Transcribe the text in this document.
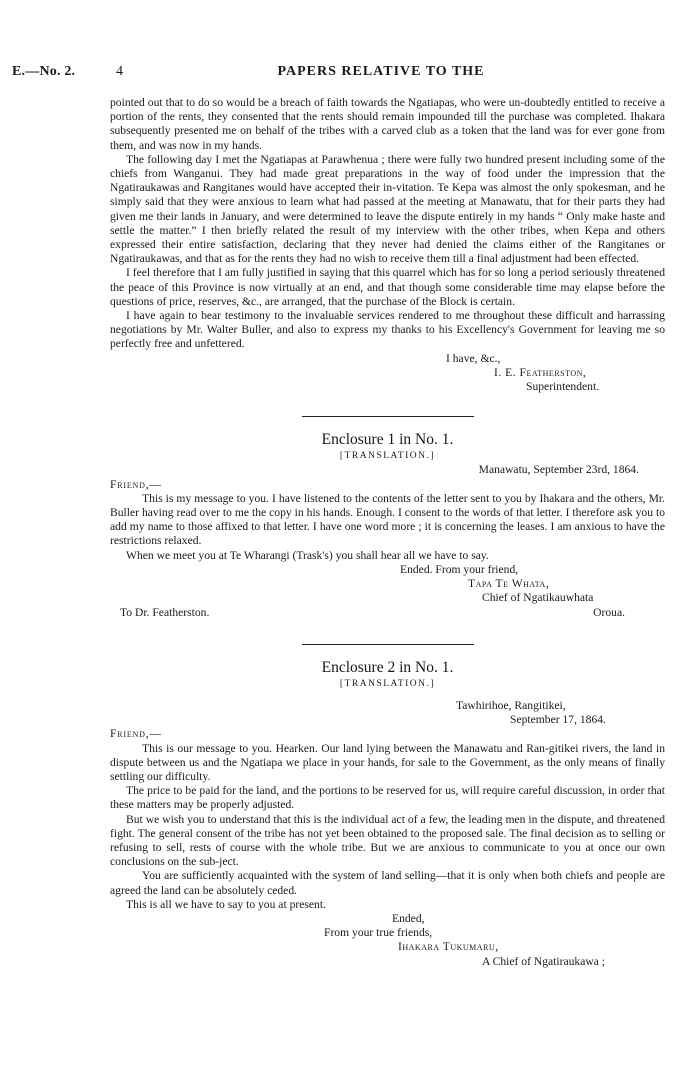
E.—No. 2.	4	PAPERS RELATIVE TO THE

pointed out that to do so would be a breach of faith towards the Ngatiapas, who were un-doubtedly entitled to receive a portion of the rents, they consented that the rents should remain impounded till the purchase was completed. Ihakara subsequently presented me on behalf of the tribes with a carved club as a token that the land was for ever gone from them, and was now in my hands.

The following day I met the Ngatiapas at Parawhenua ; there were fully two hundred present including some of the chiefs from Wanganui. They had made great preparations in the way of food under the impression that the Ngatiraukawas and Rangitanes would have accepted their in-vitation. Te Kepa was almost the only spokesman, and he simply said that they were anxious to learn what had passed at the meeting at Manawatu, that for their parts they had given me their lands in January, and were determined to leave the dispute entirely in my hands “ Only make haste and settle the matter.” I then briefly related the result of my interview with the other tribes, when Kepa and others expressed their entire satisfaction, declaring that they never had denied the claims either of the Rangitanes or Ngatiraukawas, and that as for the rents they had no wish to receive them till a final adjustment had been effected.

I feel therefore that I am fully justified in saying that this quarrel which has for so long a period seriously threatened the peace of this Province is now virtually at an end, and that though some considerable time may elapse before the questions of price, reserves, &c., are arranged, that the purchase of the Block is certain.

I have again to bear testimony to the invaluable services rendered to me throughout these difficult and harrassing negotiations by Mr. Walter Buller, and also to express my thanks to his Excellency's Government for leaving me so perfectly free and unfettered.

I have, &c.,

I. E. Featherston,

Superintendent.

Enclosure 1 in No. 1.

[TRANSLATION.]

Manawatu, September 23rd, 1864.

Friend,—

This is my message to you. I have listened to the contents of the letter sent to you by Ihakara and the others, Mr. Buller having read over to me the copy in his hands. Enough. I consent to the words of that letter. I therefore ask you to add my name to those affixed to that letter. I have one word more ; it is concerning the leases. I am anxious to have the restrictions relaxed.

When we meet you at Te Wharangi (Trask's) you shall hear all we have to say.

Ended. From your friend,

Tapa Te Whata,

Chief of Ngatikauwhata

To Dr. Featherston.	Oroua.

Enclosure 2 in No. 1.

[TRANSLATION.]

Tawhirihoe, Rangitikei,

September 17, 1864.

Friend,—

This is our message to you. Hearken. Our land lying between the Manawatu and Ran-gitikei rivers, the land in dispute between us and the Ngatiapa we place in your hands, for sale to the Government, as the only means of finally settling our difficulty.

The price to be paid for the land, and the portions to be reserved for us, will require careful discussion, in order that these matters may be properly adjusted.

But we wish you to understand that this is the individual act of a few, the leading men in the dispute, and threatened fight. The general consent of the tribe has not yet been obtained to the proposed sale. The final decision as to selling or refusing to sell, rests of course with the whole tribe. But we are anxious to communicate to you at once our own conclusions on the sub-ject.

You are sufficiently acquainted with the system of land selling—that it is only when both chiefs and people are agreed the land can be absolutely ceded.

This is all we have to say to you at present.

Ended,

From your true friends,

Ihakara Tukumaru,

A Chief of Ngatiraukawa ;
